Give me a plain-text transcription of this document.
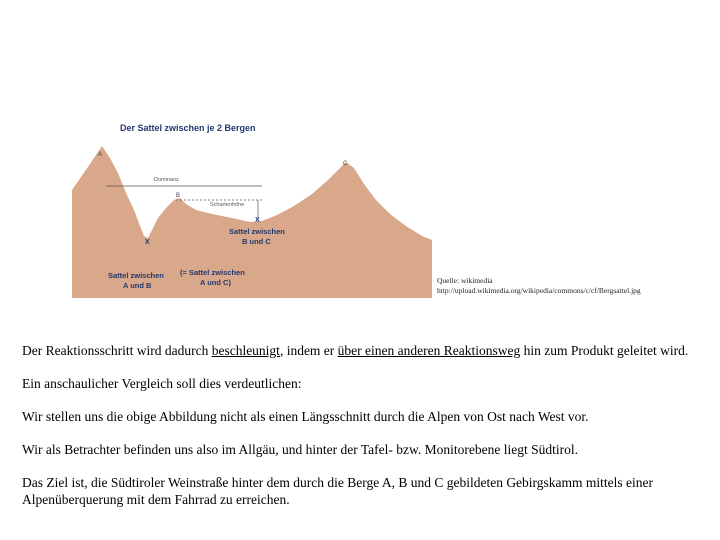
Der Sattel zwischen je 2 Bergen
A
B
C
Dominanz
Schartenhöhe
X
Sattel zwischen
A und B
(= Sattel zwischen
A und C)
X
Sattel zwischen
B und C
Quelle: wikimedia
http://upload.wikimedia.org/wikipedia/commons/c/cf/Bergsattel.jpg

Der Reaktionsschritt wird dadurch beschleunigt, indem er über einen anderen Reaktionsweg hin zum Produkt geleitet wird.

Ein anschaulicher Vergleich soll dies verdeutlichen:

Wir stellen uns die obige Abbildung nicht als einen Längsschnitt durch die Alpen von Ost nach West vor.

Wir als Betrachter befinden uns also im Allgäu, und hinter der Tafel- bzw. Monitorebene liegt Südtirol.

Das Ziel ist, die Südtiroler Weinstraße hinter dem durch die Berge A, B und C gebildeten Gebirgskamm mittels einer Alpenüberquerung mit dem Fahrrad zu erreichen.
